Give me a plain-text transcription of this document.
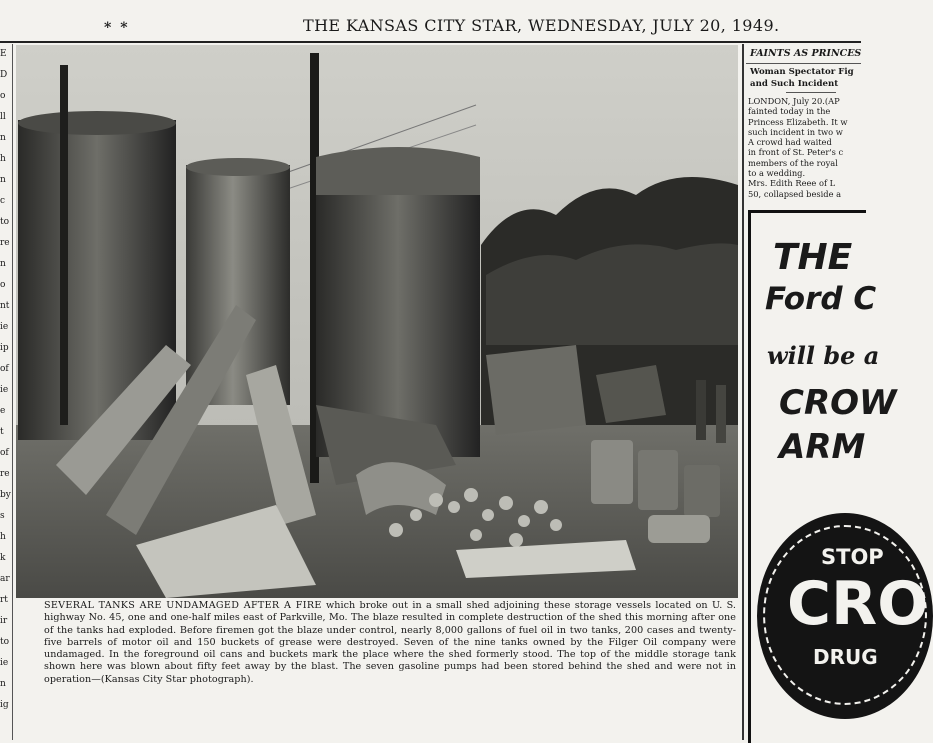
* *	THE KANSAS CITY STAR, WEDNESDAY, JULY 20, 1949.
E
D
o
ll
n
h
n
c
to
re
n
o
nt
ie
ip
of
ie
e
t
of
re
by
s
h
k
ar
rt
ir
to
ie
n
ig
SEVERAL TANKS ARE UNDAMAGED AFTER A FIRE which broke out in a small shed adjoining these storage vessels located on U. S. highway No. 45, one and one-half miles east of Parkville, Mo. The blaze resulted in complete destruction of the shed this morning after one of the tanks had exploded. Before firemen got the blaze under control, nearly 8,000 gallons of fuel oil in two tanks, 200 cases and twenty-five barrels of motor oil and 150 buckets of grease were destroyed. Seven of the nine tanks owned by the Filger Oil company were undamaged. In the foreground oil cans and buckets mark the place where the shed formerly stood. The top of the middle storage tank shown here was blown about fifty feet away by the blast. The seven gasoline pumps had been stored behind the shed and were not in operation—(Kansas City Star photograph).
FAINTS AS PRINCES
Woman Spectator Fig
and Such Incident
LONDON, July 20.(AP
fainted today in the
Princess Elizabeth. It w
such incident in two w
A crowd had waited
in front of St. Peter's c
members of the royal
to a wedding.
Mrs. Edith Reee of L
50, collapsed beside a
THE
Ford C
will be a
CROW
ARM
STOP
CRO
DRUG
